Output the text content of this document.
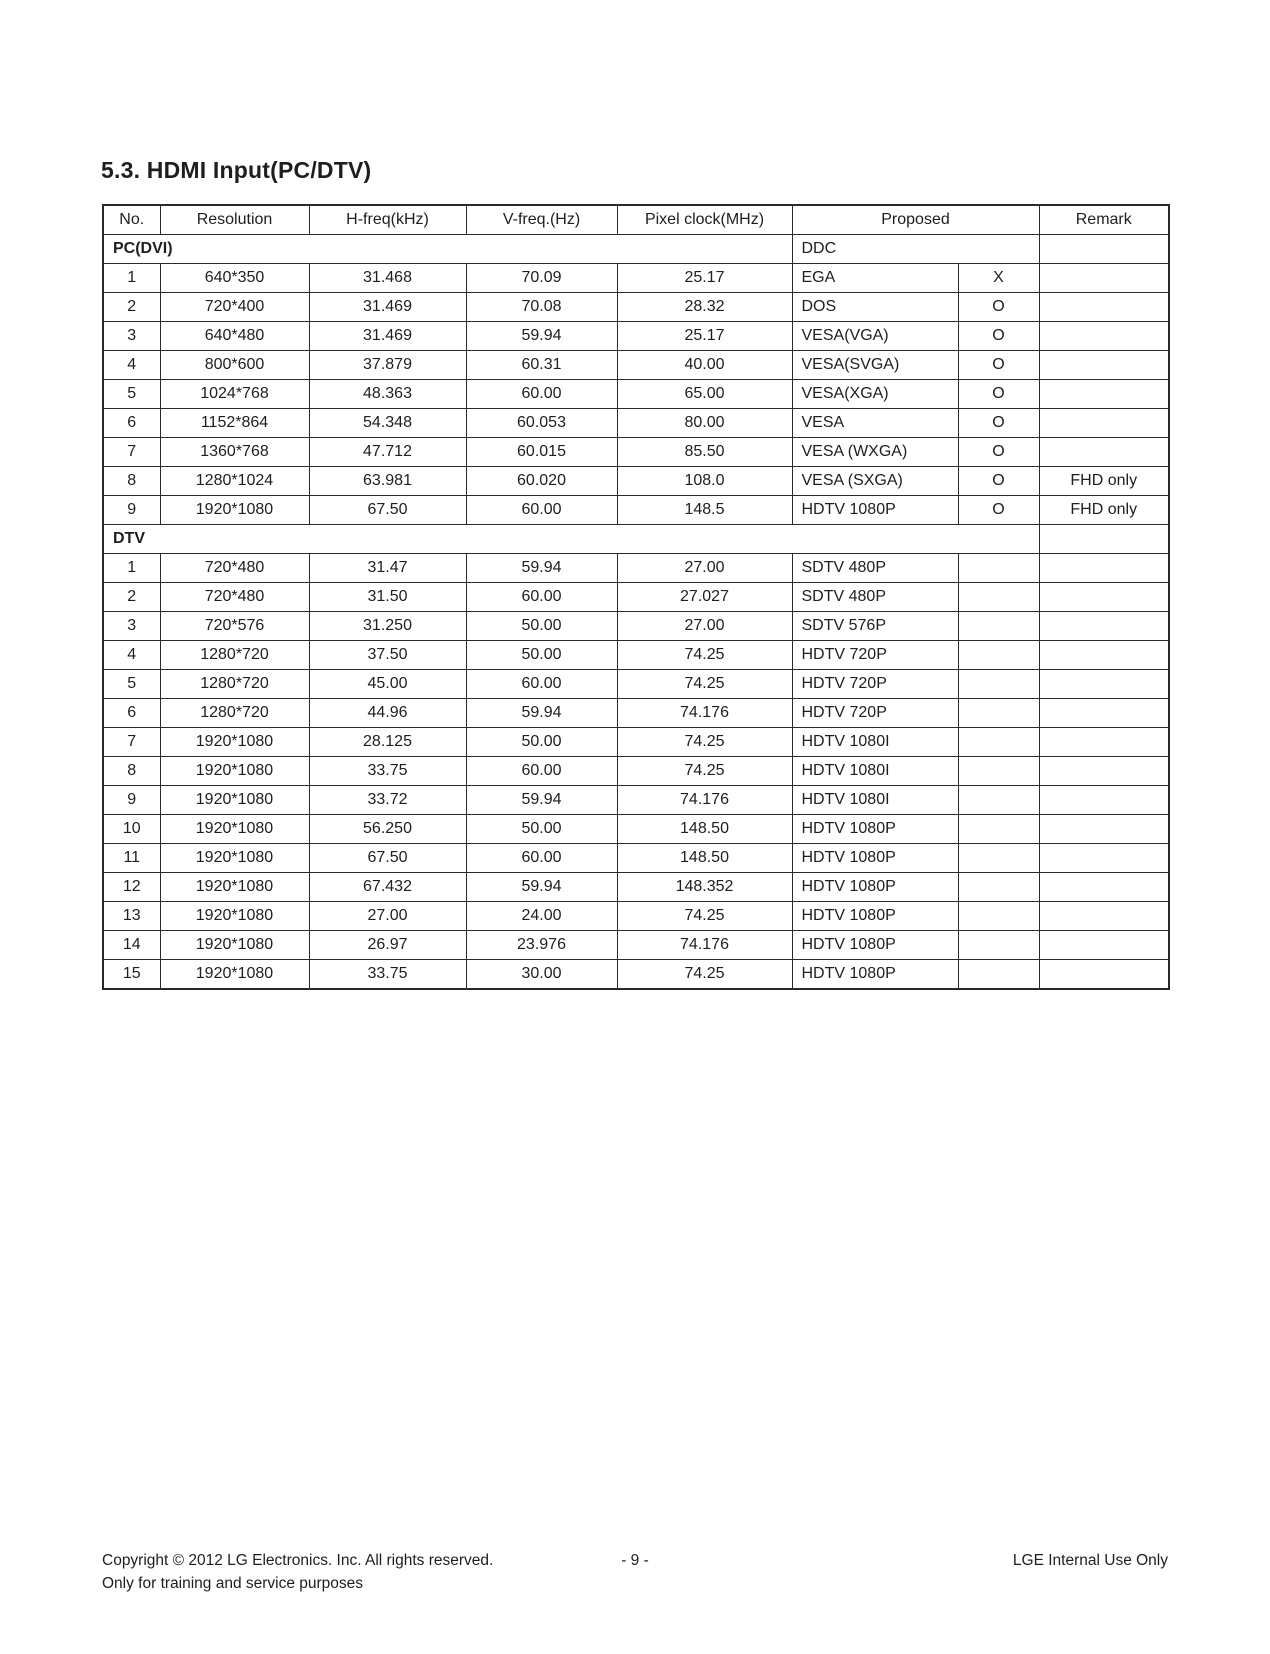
5.3. HDMI Input(PC/DTV)
No.	Resolution	H-freq(kHz)	V-freq.(Hz)	Pixel clock(MHz)	Proposed		Remark
PC(DVI)					DDC		
1	640*350	31.468	70.09	25.17	EGA	X	
2	720*400	31.469	70.08	28.32	DOS	O	
3	640*480	31.469	59.94	25.17	VESA(VGA)	O	
4	800*600	37.879	60.31	40.00	VESA(SVGA)	O	
5	1024*768	48.363	60.00	65.00	VESA(XGA)	O	
6	1152*864	54.348	60.053	80.00	VESA	O	
7	1360*768	47.712	60.015	85.50	VESA (WXGA)	O	
8	1280*1024	63.981	60.020	108.0	VESA (SXGA)	O	FHD only
9	1920*1080	67.50	60.00	148.5	HDTV 1080P	O	FHD only
DTV							
1	720*480	31.47	59.94	27.00	SDTV 480P		
2	720*480	31.50	60.00	27.027	SDTV 480P		
3	720*576	31.250	50.00	27.00	SDTV 576P		
4	1280*720	37.50	50.00	74.25	HDTV 720P		
5	1280*720	45.00	60.00	74.25	HDTV 720P		
6	1280*720	44.96	59.94	74.176	HDTV 720P		
7	1920*1080	28.125	50.00	74.25	HDTV 1080I		
8	1920*1080	33.75	60.00	74.25	HDTV 1080I		
9	1920*1080	33.72	59.94	74.176	HDTV 1080I		
10	1920*1080	56.250	50.00	148.50	HDTV 1080P		
11	1920*1080	67.50	60.00	148.50	HDTV 1080P		
12	1920*1080	67.432	59.94	148.352	HDTV 1080P		
13	1920*1080	27.00	24.00	74.25	HDTV 1080P		
14	1920*1080	26.97	23.976	74.176	HDTV 1080P		
15	1920*1080	33.75	30.00	74.25	HDTV 1080P		
Copyright © 2012 LG Electronics. Inc. All rights reserved.
Only for training and service purposes
- 9 -	LGE Internal Use Only
